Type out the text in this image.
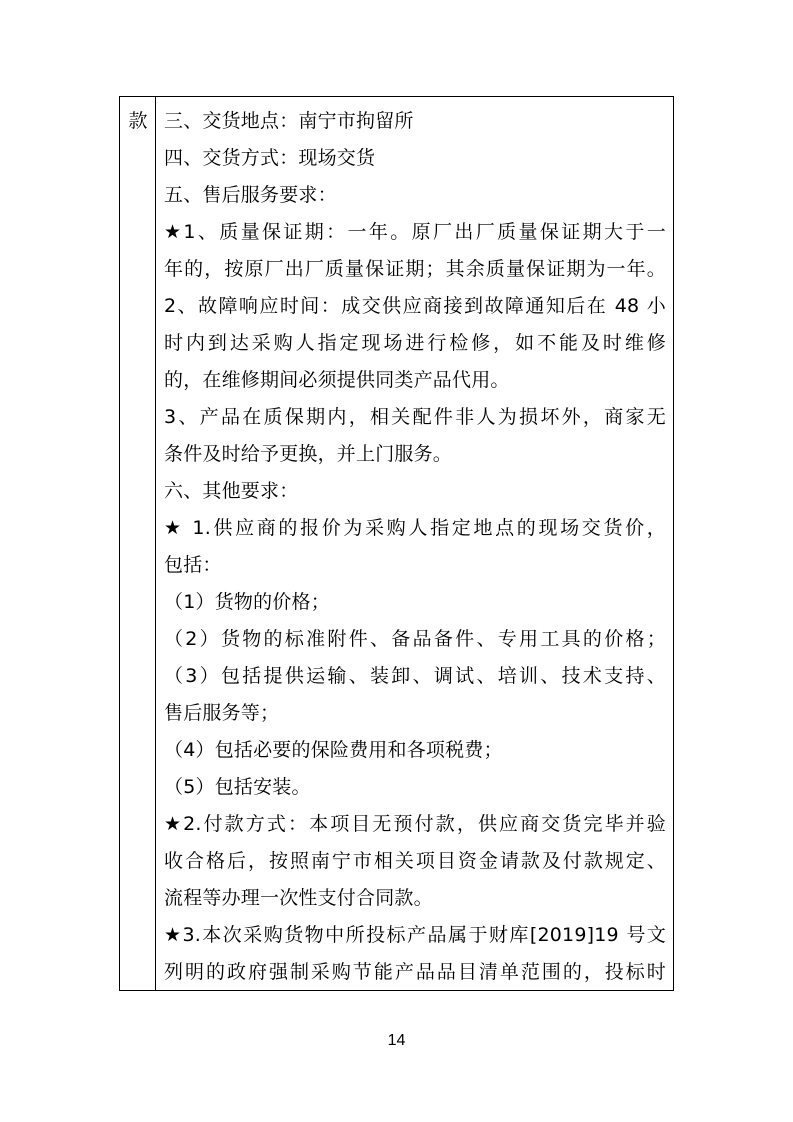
款 三、交货地点：南宁市拘留所
四、交货方式：现场交货
五、售后服务要求：
★1、质量保证期：一年。原厂出厂质量保证期大于一
年的，按原厂出厂质量保证期；其余质量保证期为一年。
2、故障响应时间：成交供应商接到故障通知后在 48 小
时内到达采购人指定现场进行检修，如不能及时维修
的，在维修期间必须提供同类产品代用。
3、产品在质保期内，相关配件非人为损坏外，商家无
条件及时给予更换，并上门服务。
六、其他要求：
★ 1.供应商的报价为采购人指定地点的现场交货价，
包括：
（1）货物的价格；
（2）货物的标准附件、备品备件、专用工具的价格；
（3）包括提供运输、装卸、调试、培训、技术支持、
售后服务等；
（4）包括必要的保险费用和各项税费；
（5）包括安装。
★2.付款方式：本项目无预付款，供应商交货完毕并验
收合格后，按照南宁市相关项目资金请款及付款规定、
流程等办理一次性支付合同款。
★3.本次采购货物中所投标产品属于财库[2019]19 号文
列明的政府强制采购节能产品品目清单范围的，投标时
14
